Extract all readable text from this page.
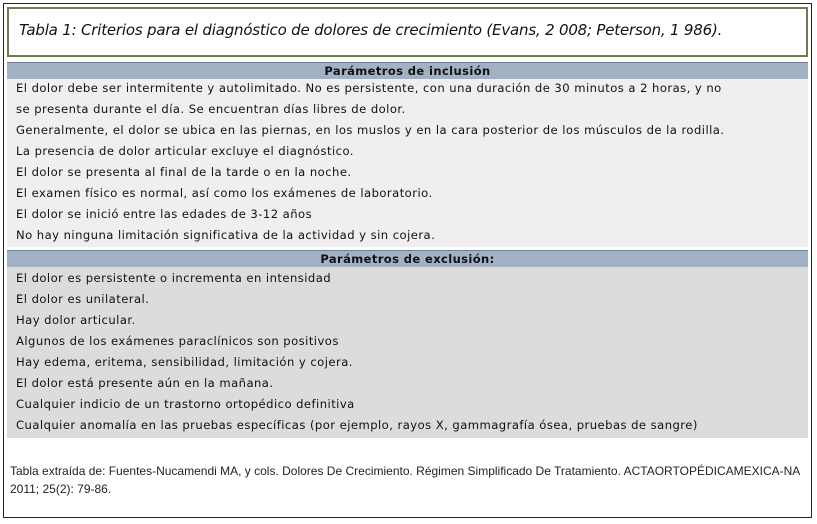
Tabla 1: Criterios para el diagnóstico de dolores de crecimiento (Evans, 2 008; Peterson, 1 986).
Parámetros de inclusión
El dolor debe ser intermitente y autolimitado. No es persistente, con una duración de 30 minutos a 2 horas, y no
se presenta durante el día. Se encuentran días libres de dolor.
Generalmente, el dolor se ubica en las piernas, en los muslos y en la cara posterior de los músculos de la rodilla.
La presencia de dolor articular excluye el diagnóstico.
El dolor se presenta al final de la tarde o en la noche.
El examen físico es normal, así como los exámenes de laboratorio.
El dolor se inició entre las edades de 3-12 años
No hay ninguna limitación significativa de la actividad y sin cojera.
Parámetros de exclusión:
El dolor es persistente o incrementa en intensidad
El dolor es unilateral.
Hay dolor articular.
Algunos de los exámenes paraclínicos son positivos
Hay edema, eritema, sensibilidad, limitación y cojera.
El dolor está presente aún en la mañana.
Cualquier indicio de un trastorno ortopédico definitiva
Cualquier anomalía en las pruebas específicas (por ejemplo, rayos X, gammagrafía ósea, pruebas de sangre)
Tabla extraída de: Fuentes-Nucamendi MA, y cols. Dolores De Crecimiento. Régimen Simplificado De Tratamiento. ACTAORTOPÉDICAMEXICA-NA 2011; 25(2): 79-86.
